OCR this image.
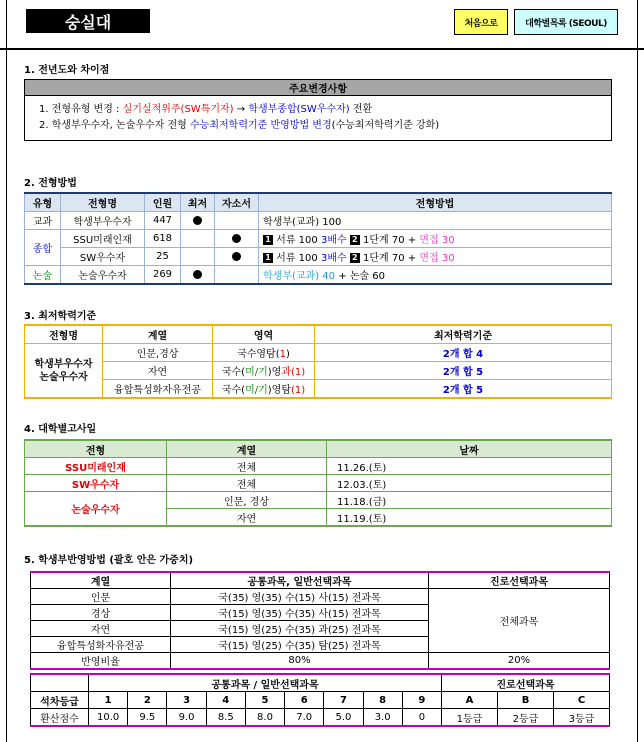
숭실대	처음으로	대학별목록 (SEOUL)
1. 전년도와 차이점
주요변경사항

1. 전형유형 변경 : 실기실적위주(SW특기자) → 학생부종합(SW우수자) 전환
2. 학생부우수자, 논술우수자 전형 수능최저학력기준 반영방법 변경(수능최저학력기준 강화)
2. 전형방법
유형	전형명	인원	최저	자소서	전형방법
교과	학생부우수자	447			학생부(교과) 100
종합	SSU미래인재	618			1 서류 100 3배수 2 1단계 70 + 면접 30
	SW우수자	25			1 서류 100 3배수 2 1단계 70 + 면접 30
논술	논술우수자	269			학생부(교과) 40 + 논술 60
3. 최저학력기준
전형명	계열	영역	최저학력기준

학생부우수자
논술우수자	인문,경상	국수영탐(1)	2개 합 4
	자연	국수(미/기)영과(1)	2개 합 5
	융합특성화자유전공	국수(미/기)영탐(1)	2개 합 5
4. 대학별고사일
전형	계열	날짜
SSU미래인재	전체	11.26.(토)
SW우수자	전체	12.03.(토)
논술우수자	인문, 경상	11.18.(금)
	자연	11.19.(토)
5. 학생부반영방법 (괄호 안은 가중치)
계열	공통과목, 일반선택과목	진로선택과목
인문	국(35) 영(35) 수(15) 사(15) 전과목	전체과목
경상	국(15) 영(35) 수(35) 사(15) 전과목	
자연	국(15) 영(25) 수(35) 과(25) 전과목	
융합특성화자유전공	국(15) 영(25) 수(35) 탐(25) 전과목	
반영비율	80%	20%
	공통과목 / 일반선택과목									진로선택과목		
석차등급	1	2	3	4	5	6	7	8	9	A	B	C
환산점수	10.0	9.5	9.0	8.5	8.0	7.0	5.0	3.0	0	1등급	2등급	3등급
